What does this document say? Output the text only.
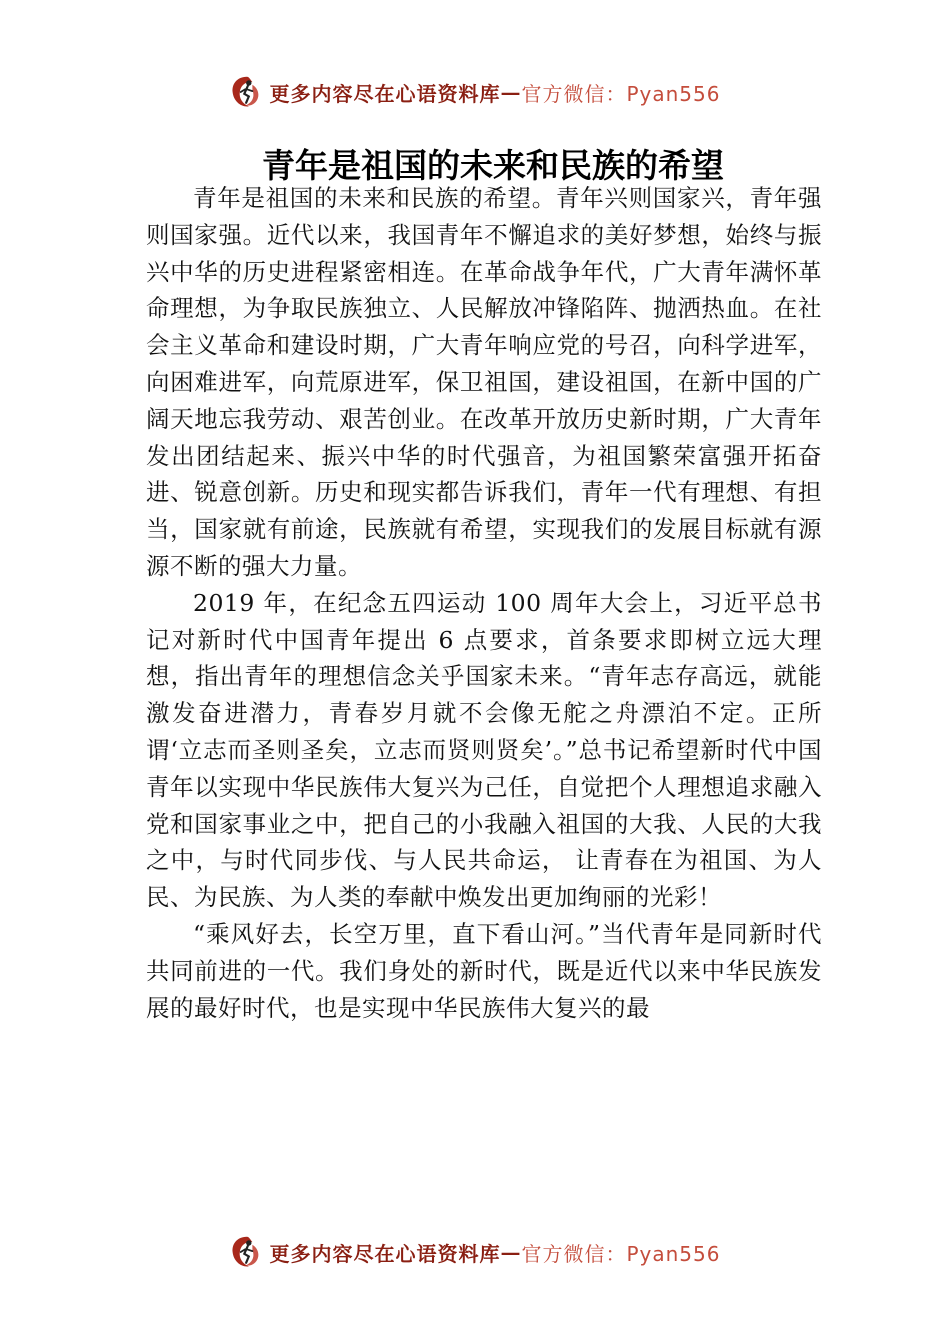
更多内容尽在心语资料库 — 官方微信：Pyan556
青年是祖国的未来和民族的希望

青年是祖国的未来和民族的希望。青年兴则国家兴，青年强则国家强。近代以来，我国青年不懈追求的美好梦想，始终与振兴中华的历史进程紧密相连。在革命战争年代，广大青年满怀革命理想，为争取民族独立、人民解放冲锋陷阵、抛洒热血。在社会主义革命和建设时期，广大青年响应党的号召，向科学进军，向困难进军，向荒原进军，保卫祖国，建设祖国，在新中国的广阔天地忘我劳动、艰苦创业。在改革开放历史新时期，广大青年发出团结起来、振兴中华的时代强音，为祖国繁荣富强开拓奋进、锐意创新。历史和现实都告诉我们，青年一代有理想、有担当，国家就有前途，民族就有希望，实现我们的发展目标就有源源不断的强大力量。

2019 年，在纪念五四运动 100 周年大会上，习近平总书记对新时代中国青年提出 6 点要求，首条要求即树立远大理想，指出青年的理想信念关乎国家未来。“青年志存高远，就能激发奋进潜力，青春岁月就不会像无舵之舟漂泊不定。正所谓‘立志而圣则圣矣，立志而贤则贤矣’。”总书记希望新时代中国青年以实现中华民族伟大复兴为己任，自觉把个人理想追求融入党和国家事业之中，把自己的小我融入祖国的大我、人民的大我之中，与时代同步伐、与人民共命运， 让青春在为祖国、为人民、为民族、为人类的奉献中焕发出更加绚丽的光彩！

“乘风好去，长空万里，直下看山河。”当代青年是同新时代共同前进的一代。我们身处的新时代，既是近代以来中华民族发展的最好时代，也是实现中华民族伟大复兴的最

更多内容尽在心语资料库 — 官方微信：Pyan556
